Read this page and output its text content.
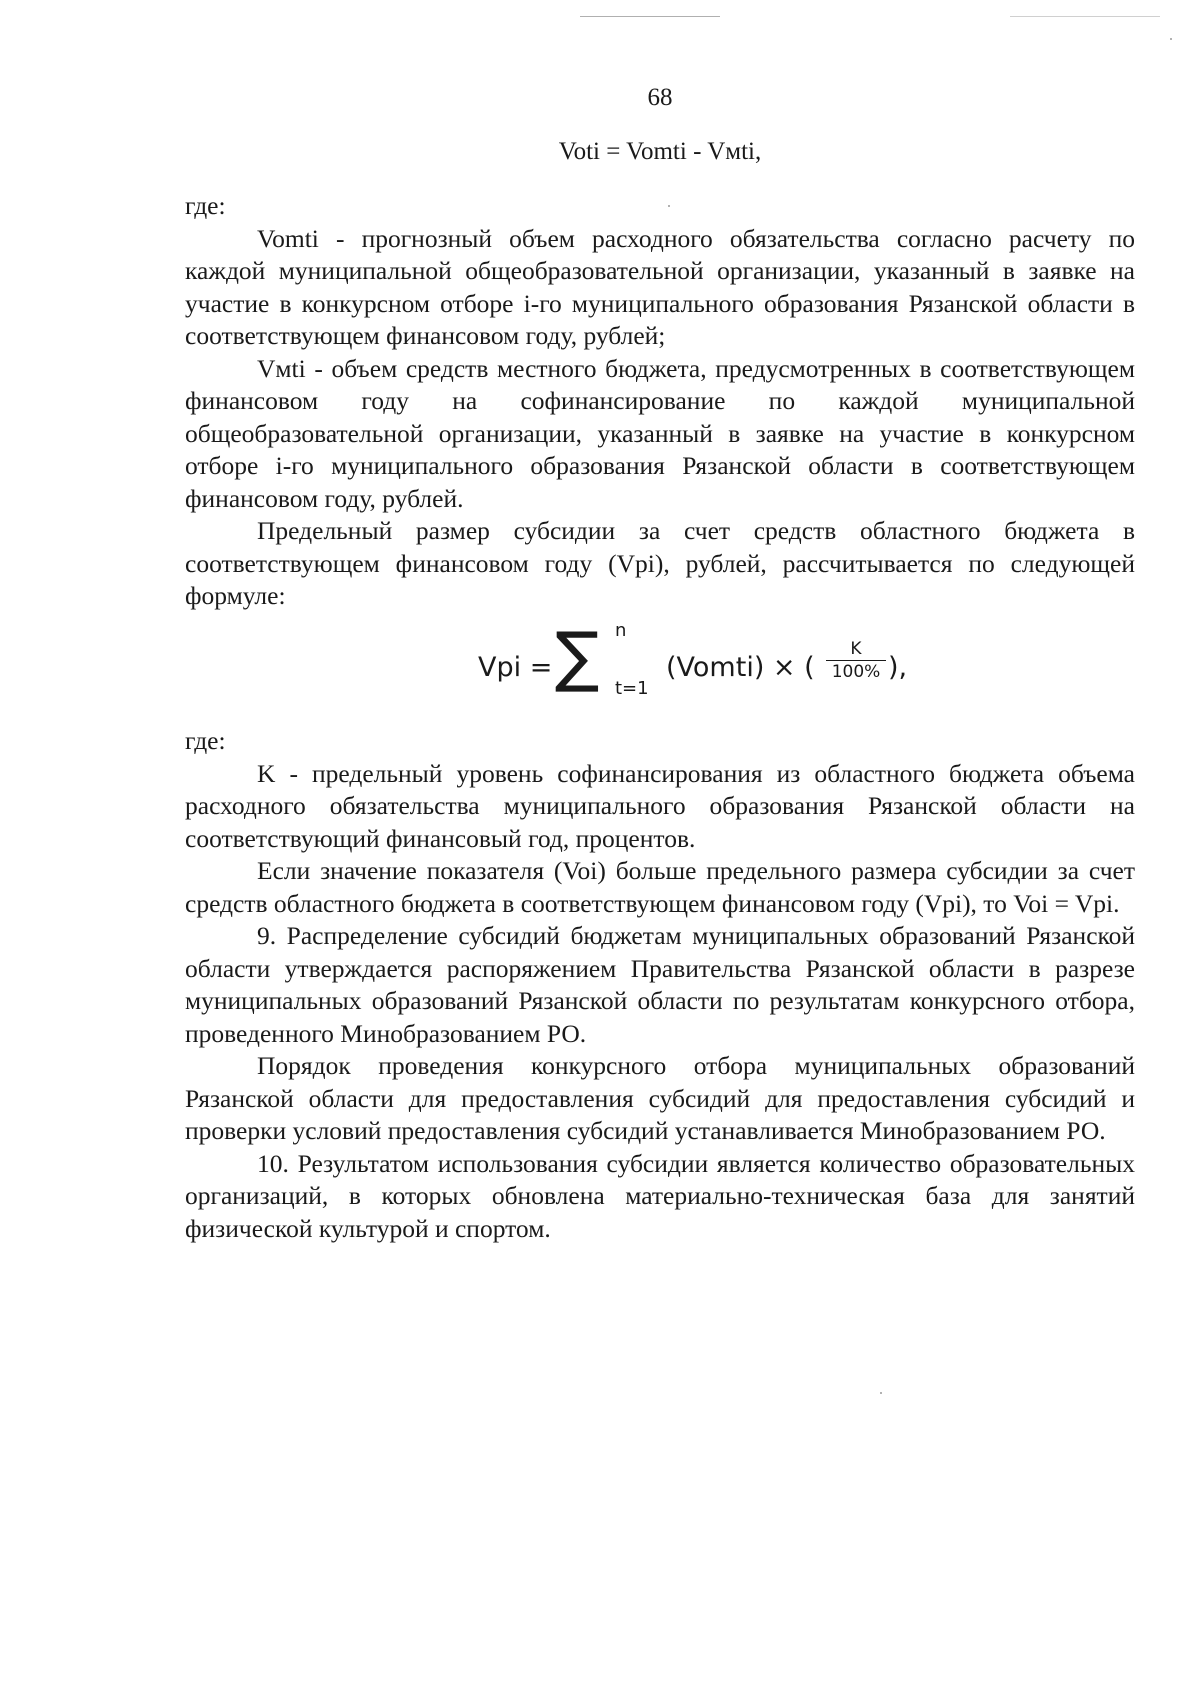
68
Voti = Vomti - Vмti,

где:

Vomti - прогнозный объем расходного обязательства согласно расчету по каждой муниципальной общеобразовательной организации, указанный в заявке на участие в конкурсном отборе i-го муниципального образования Рязанской области в соответствующем финансовом году, рублей;

Vмti - объем средств местного бюджета, предусмотренных в соответствующем финансовом году на софинансирование по каждой муниципальной общеобразовательной организации, указанный в заявке на участие в конкурсном отборе i-го муниципального образования Рязанской области в соответствующем финансовом году, рублей.

Предельный размер субсидии за счет средств областного бюджета в соответствующем финансовом году (Vpi), рублей, рассчитывается по следующей формуле:

Vpi = ∑ n
t=1
(Vomti) × (
K
100% ),

где:

K - предельный уровень софинансирования из областного бюджета объема расходного обязательства муниципального образования Рязанской области на соответствующий финансовый год, процентов.

Если значение показателя (Voi) больше предельного размера субсидии за счет средств областного бюджета в соответствующем финансовом году (Vpi), то Voi = Vpi.

9. Распределение субсидий бюджетам муниципальных образований Рязанской области утверждается распоряжением Правительства Рязанской области в разрезе муниципальных образований Рязанской области по результатам конкурсного отбора, проведенного Минобразованием РО.

Порядок проведения конкурсного отбора муниципальных образований Рязанской области для предоставления субсидий для предоставления субсидий и проверки условий предоставления субсидий устанавливается Минобразованием РО.

10. Результатом использования субсидии является количество образовательных организаций, в которых обновлена материально-техническая база для занятий физической культурой и спортом.
